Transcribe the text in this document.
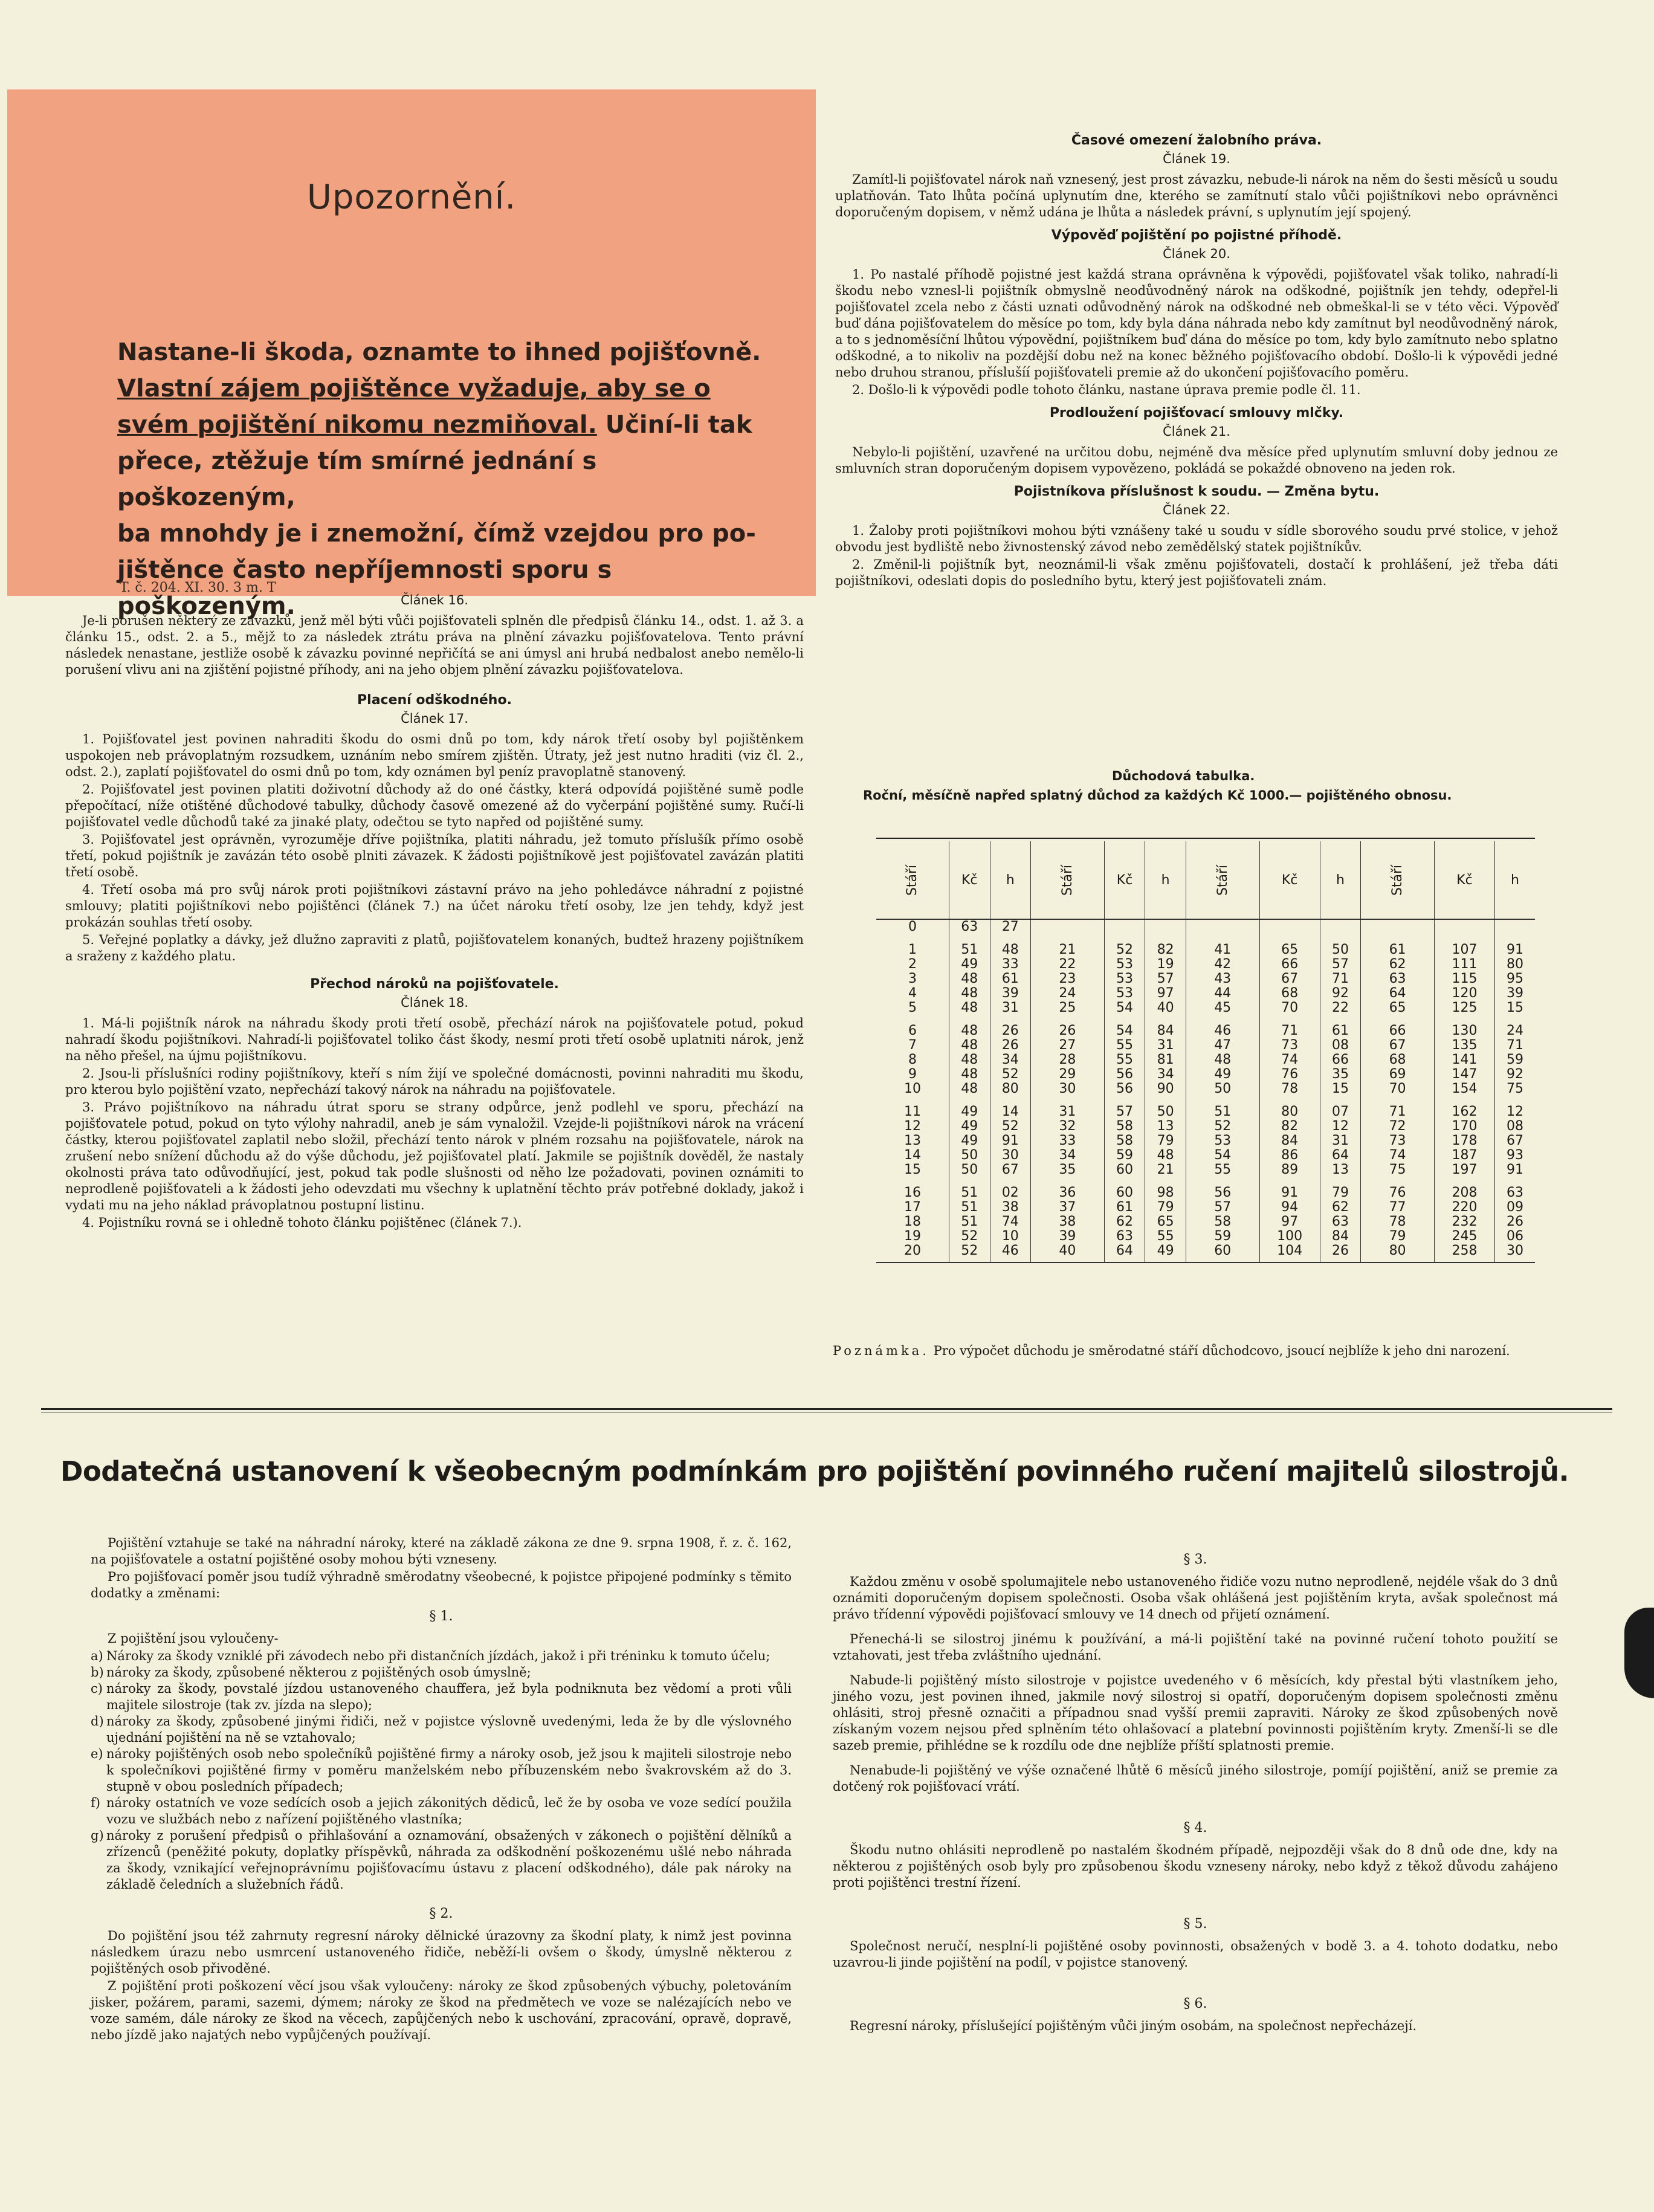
Upozornění.

Nastane-li škoda, oznamte to ihned pojišťovně.
Vlastní zájem pojištěnce vyžaduje, aby se o
svém pojištění nikomu nezmiňoval. Učiní-li tak
přece, ztěžuje tím smírné jednání s poškozeným,
ba mnohdy je i znemožní, čímž vzejdou pro po-
jištěnce často nepříjemnosti sporu s poškozeným.

T. č. 204. XI. 30. 3 m. T
Článek 16.

Je-li porušen některý ze závazků, jenž měl býti vůči pojišťovateli splněn dle předpisů článku 14., odst. 1. až 3. a článku 15., odst. 2. a 5., mějž to za následek ztrátu práva na plnění závazku pojišťovatelova. Tento právní následek nenastane, jestliže osobě k závazku povinné nepřičítá se ani úmysl ani hrubá nedbalost anebo nemělo-li porušení vlivu ani na zjištění pojistné příhody, ani na jeho objem plnění závazku pojišťovatelova.

Placení odškodného.
Článek 17.

1. Pojišťovatel jest povinen nahraditi škodu do osmi dnů po tom, kdy nárok třetí osoby byl pojištěnkem uspokojen neb právoplatným rozsudkem, uznáním nebo smírem zjištěn. Útraty, jež jest nutno hraditi (viz čl. 2., odst. 2.), zaplatí pojišťovatel do osmi dnů po tom, kdy oznámen byl peníz pravoplatně stanovený.

2. Pojišťovatel jest povinen platiti doživotní důchody až do oné částky, která odpovídá pojištěné sumě podle přepočítací, níže otištěné důchodové tabulky, důchody časově omezené až do vyčerpání pojištěné sumy. Ručí-li pojišťovatel vedle důchodů také za jinaké platy, odečtou se tyto napřed od pojištěné sumy.

3. Pojišťovatel jest oprávněn, vyrozuměje dříve pojištníka, platiti náhradu, jež tomuto příslušík přímo osobě třetí, pokud pojištník je zavázán této osobě plniti závazek. K žádosti pojištníkově jest pojišťovatel zavázán platiti třetí osobě.

4. Třetí osoba má pro svůj nárok proti pojištníkovi zástavní právo na jeho pohledávce náhradní z pojistné smlouvy; platiti pojištníkovi nebo pojištěnci (článek 7.) na účet nároku třetí osoby, lze jen tehdy, když jest prokázán souhlas třetí osoby.

5. Veřejné poplatky a dávky, jež dlužno zapraviti z platů, pojišťovatelem konaných, budtež hrazeny pojištníkem a sraženy z každého platu.

Přechod nároků na pojišťovatele.
Článek 18.

1. Má-li pojištník nárok na náhradu škody proti třetí osobě, přechází nárok na pojišťovatele potud, pokud nahradí škodu pojištníkovi. Nahradí-li pojišťovatel toliko část škody, nesmí proti třetí osobě uplatniti nárok, jenž na něho přešel, na újmu pojištníkovu.

2. Jsou-li příslušníci rodiny pojištníkovy, kteří s ním žijí ve společné domácnosti, povinni nahraditi mu škodu, pro kterou bylo pojištění vzato, nepřechází takový nárok na náhradu na pojišťovatele.

3. Právo pojištníkovo na náhradu útrat sporu se strany odpůrce, jenž podlehl ve sporu, přechází na pojišťovatele potud, pokud on tyto výlohy nahradil, aneb je sám vynaložil. Vzejde-li pojištníkovi nárok na vrácení částky, kterou pojišťovatel zaplatil nebo složil, přechází tento nárok v plném rozsahu na pojišťovatele, nárok na zrušení nebo snížení důchodu až do výše důchodu, jež pojišťovatel platí. Jakmile se pojištník dověděl, že nastaly okolnosti práva tato odůvodňující, jest, pokud tak podle slušnosti od něho lze požadovati, povinen oznámiti to neprodleně pojišťovateli a k žádosti jeho odevzdati mu všechny k uplatnění těchto práv potřebné doklady, jakož i vydati mu na jeho náklad právoplatnou postupní listinu.

4. Pojistníku rovná se i ohledně tohoto článku pojištěnec (článek 7.).

Časové omezení žalobního práva.
Článek 19.

Zamítl-li pojišťovatel nárok naň vznesený, jest prost závazku, nebude-li nárok na něm do šesti měsíců u soudu uplatňován. Tato lhůta počíná uplynutím dne, kterého se zamítnutí stalo vůči pojištníkovi nebo oprávněnci doporučeným dopisem, v němž udána je lhůta a následek právní, s uplynutím její spojený.

Výpověď pojištění po pojistné příhodě.
Článek 20.

1. Po nastalé příhodě pojistné jest každá strana oprávněna k výpovědi, pojišťovatel však toliko, nahradí-li škodu nebo vznesl-li pojištník obmyslně neodůvodněný nárok na odškodné, pojištník jen tehdy, odepřel-li pojišťovatel zcela nebo z části uznati odůvodněný nárok na odškodné neb obmeškal-li se v této věci. Výpověď buď dána pojišťovatelem do měsíce po tom, kdy byla dána náhrada nebo kdy zamítnut byl neodůvodněný nárok, a to s jednoměsíční lhůtou výpovědní, pojištníkem buď dána do měsíce po tom, kdy bylo zamítnuto nebo splatno odškodné, a to nikoliv na pozdější dobu než na konec běžného pojišťovacího období. Došlo-li k výpovědi jedné nebo druhou stranou, příslušíí pojišťovateli premie až do ukončení pojišťovacího poměru.

2. Došlo-li k výpovědi podle tohoto článku, nastane úprava premie podle čl. 11.

Prodloužení pojišťovací smlouvy mlčky.
Článek 21.

Nebylo-li pojištění, uzavřené na určitou dobu, nejméně dva měsíce před uplynutím smluvní doby jednou ze smluvních stran doporučeným dopisem vypovězeno, pokládá se pokaždé obnoveno na jeden rok.

Pojistníkova příslušnost k soudu. — Změna bytu.
Článek 22.

1. Žaloby proti pojištníkovi mohou býti vznášeny také u soudu v sídle sborového soudu prvé stolice, v jehož obvodu jest bydliště nebo živnostenský závod nebo zemědělský statek pojištníkův.

2. Změnil-li pojištník byt, neoznámil-li však změnu pojišťovateli, dostačí k prohlášení, jež třeba dáti pojištníkovi, odeslati dopis do posledního bytu, který jest pojišťovateli znám.

Důchodová tabulka.
Roční, měsíčně napřed splatný důchod za každých Kč 1000.— pojištěného obnosu.
Stáří	Kč	h	Stáří	Kč	h	Stáří	Kč	h	Stáří	Kč	h
0	63	27									
1	51	48	21	52	82	41	65	50	61	107	91
2	49	33	22	53	19	42	66	57	62	111	80
3	48	61	23	53	57	43	67	71	63	115	95
4	48	39	24	53	97	44	68	92	64	120	39
5	48	31	25	54	40	45	70	22	65	125	15
6	48	26	26	54	84	46	71	61	66	130	24
7	48	26	27	55	31	47	73	08	67	135	71
8	48	34	28	55	81	48	74	66	68	141	59
9	48	52	29	56	34	49	76	35	69	147	92
10	48	80	30	56	90	50	78	15	70	154	75
11	49	14	31	57	50	51	80	07	71	162	12
12	49	52	32	58	13	52	82	12	72	170	08
13	49	91	33	58	79	53	84	31	73	178	67
14	50	30	34	59	48	54	86	64	74	187	93
15	50	67	35	60	21	55	89	13	75	197	91
16	51	02	36	60	98	56	91	79	76	208	63
17	51	38	37	61	79	57	94	62	77	220	09
18	51	74	38	62	65	58	97	63	78	232	26
19	52	10	39	63	55	59	100	84	79	245	06
20	52	46	40	64	49	60	104	26	80	258	30
Poznámka. Pro výpočet důchodu je směrodatné stáří důchodcovo, jsoucí nejblíže k jeho dni narození.
Dodatečná ustanovení k všeobecným podmínkám pro pojištění povinného ručení majitelů silostrojů.

Pojištění vztahuje se také na náhradní nároky, které na základě zákona ze dne 9. srpna 1908, ř. z. č. 162, na pojišťovatele a ostatní pojištěné osoby mohou býti vzneseny.

Pro pojišťovací poměr jsou tudíž výhradně směrodatny všeobecné, k pojistce připojené podmínky s těmito dodatky a změnami:

§ 1.

Z pojištění jsou vyloučeny-

a) Nároky za škody vzniklé při závodech nebo při distančních jízdách, jakož i při tréninku k tomuto účelu;
b) nároky za škody, způsobené některou z pojištěných osob úmyslně;
c) nároky za škody, povstalé jízdou ustanoveného chauffera, jež byla podniknuta bez vědomí a proti vůli majitele silostroje (tak zv. jízda na slepo);
d) nároky za škody, způsobené jinými řidiči, než v pojistce výslovně uvedenými, leda že by dle výslovného ujednání pojištění na ně se vztahovalo;
e) nároky pojištěných osob nebo společníků pojištěné firmy a nároky osob, jež jsou k majiteli silostroje nebo k společníkovi pojištěné firmy v poměru manželském nebo příbuzenském nebo švakrovském až do 3. stupně v obou posledních případech;
f) nároky ostatních ve voze sedících osob a jejich zákonitých dědiců, leč že by osoba ve voze sedící použila vozu ve službách nebo z nařízení pojištěného vlastníka;
g) nároky z porušení předpisů o přihlašování a oznamování, obsažených v zákonech o pojištění dělníků a zřízenců (peněžité pokuty, doplatky příspěvků, náhrada za odškodnění poškozenému ušlé nebo náhrada za škody, vznikající veřejnoprávnímu pojišťovacímu ústavu z placení odškodného), dále pak nároky na základě čeledních a služebních řádů.
§ 2.

Do pojištění jsou též zahrnuty regresní nároky dělnické úrazovny za škodní platy, k nimž jest povinna následkem úrazu nebo usmrcení ustanoveného řidiče, neběží-li ovšem o škody, úmyslně některou z pojištěných osob přivoděné.

Z pojištění proti poškození věcí jsou však vyloučeny: nároky ze škod způsobených výbuchy, poletováním jisker, požárem, parami, sazemi, dýmem; nároky ze škod na předmětech ve voze se nalézajících nebo ve voze samém, dále nároky ze škod na věcech, zapůjčených nebo k uschování, zpracování, opravě, dopravě, nebo jízdě jako najatých nebo vypůjčených používají.

§ 3.

Každou změnu v osobě spolumajitele nebo ustanoveného řidiče vozu nutno neprodleně, nejdéle však do 3 dnů oznámiti doporučeným dopisem společnosti. Osoba však ohlášená jest pojištěním kryta, avšak společnost má právo třídenní výpovědi pojišťovací smlouvy ve 14 dnech od přijetí oznámení.

Přenechá-li se silostroj jinému k používání, a má-li pojištění také na povinné ručení tohoto použití se vztahovati, jest třeba zvláštního ujednání.

Nabude-li pojištěný místo silostroje v pojistce uvedeného v 6 měsících, kdy přestal býti vlastníkem jeho, jiného vozu, jest povinen ihned, jakmile nový silostroj si opatří, doporučeným dopisem společnosti změnu ohlásiti, stroj přesně označiti a případnou snad vyšší premii zapraviti. Nároky ze škod způsobených nově získaným vozem nejsou před splněním této ohlašovací a platební povinnosti pojištěním kryty. Zmenší-li se dle sazeb premie, přihlédne se k rozdílu ode dne nejblíže příští splatnosti premie.

Nenabude-li pojištěný ve výše označené lhůtě 6 měsíců jiného silostroje, pomíjí pojištění, aniž se premie za dotčený rok pojišťovací vrátí.

§ 4.

Škodu nutno ohlásiti neprodleně po nastalém škodném případě, nejpozději však do 8 dnů ode dne, kdy na některou z pojištěných osob byly pro způsobenou škodu vzneseny nároky, nebo když z těkož důvodu zahájeno proti pojištěnci trestní řízení.

§ 5.

Společnost neručí, nesplní-li pojištěné osoby povinnosti, obsažených v bodě 3. a 4. tohoto dodatku, nebo uzavrou-li jinde pojištění na podíl, v pojistce stanovený.

§ 6.

Regresní nároky, příslušející pojištěným vůči jiným osobám, na společnost nepřecházejí.
